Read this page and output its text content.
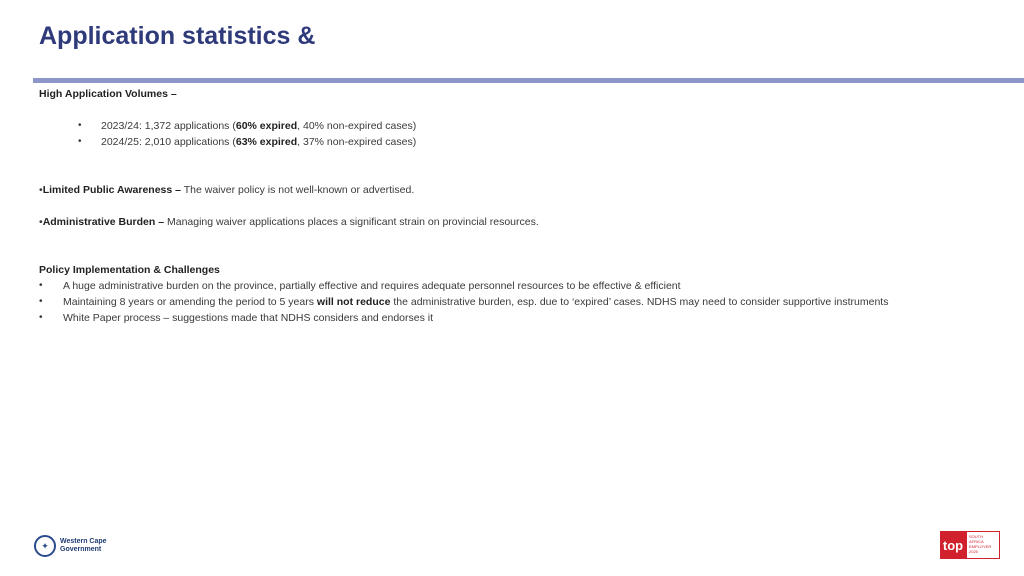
Application statistics &
High Application Volumes –
• 2023/24: 1,372 applications (60% expired, 40% non-expired cases)
• 2024/25: 2,010 applications (63% expired, 37% non-expired cases)
•Limited Public Awareness – The waiver policy is not well-known or advertised.
•Administrative Burden – Managing waiver applications places a significant strain on provincial resources.
Policy Implementation & Challenges
• A huge administrative burden on the province, partially effective and requires adequate personnel resources to be effective & efficient
• Maintaining 8 years or amending the period to 5 years will not reduce the administrative burden, esp. due to ‘expired’ cases. NDHS may need to consider supportive instruments
• White Paper process – suggestions made that NDHS considers and endorses it
✦	Western Cape
Government	top
SOUTH
AFRICA
EMPLOYER
2025
